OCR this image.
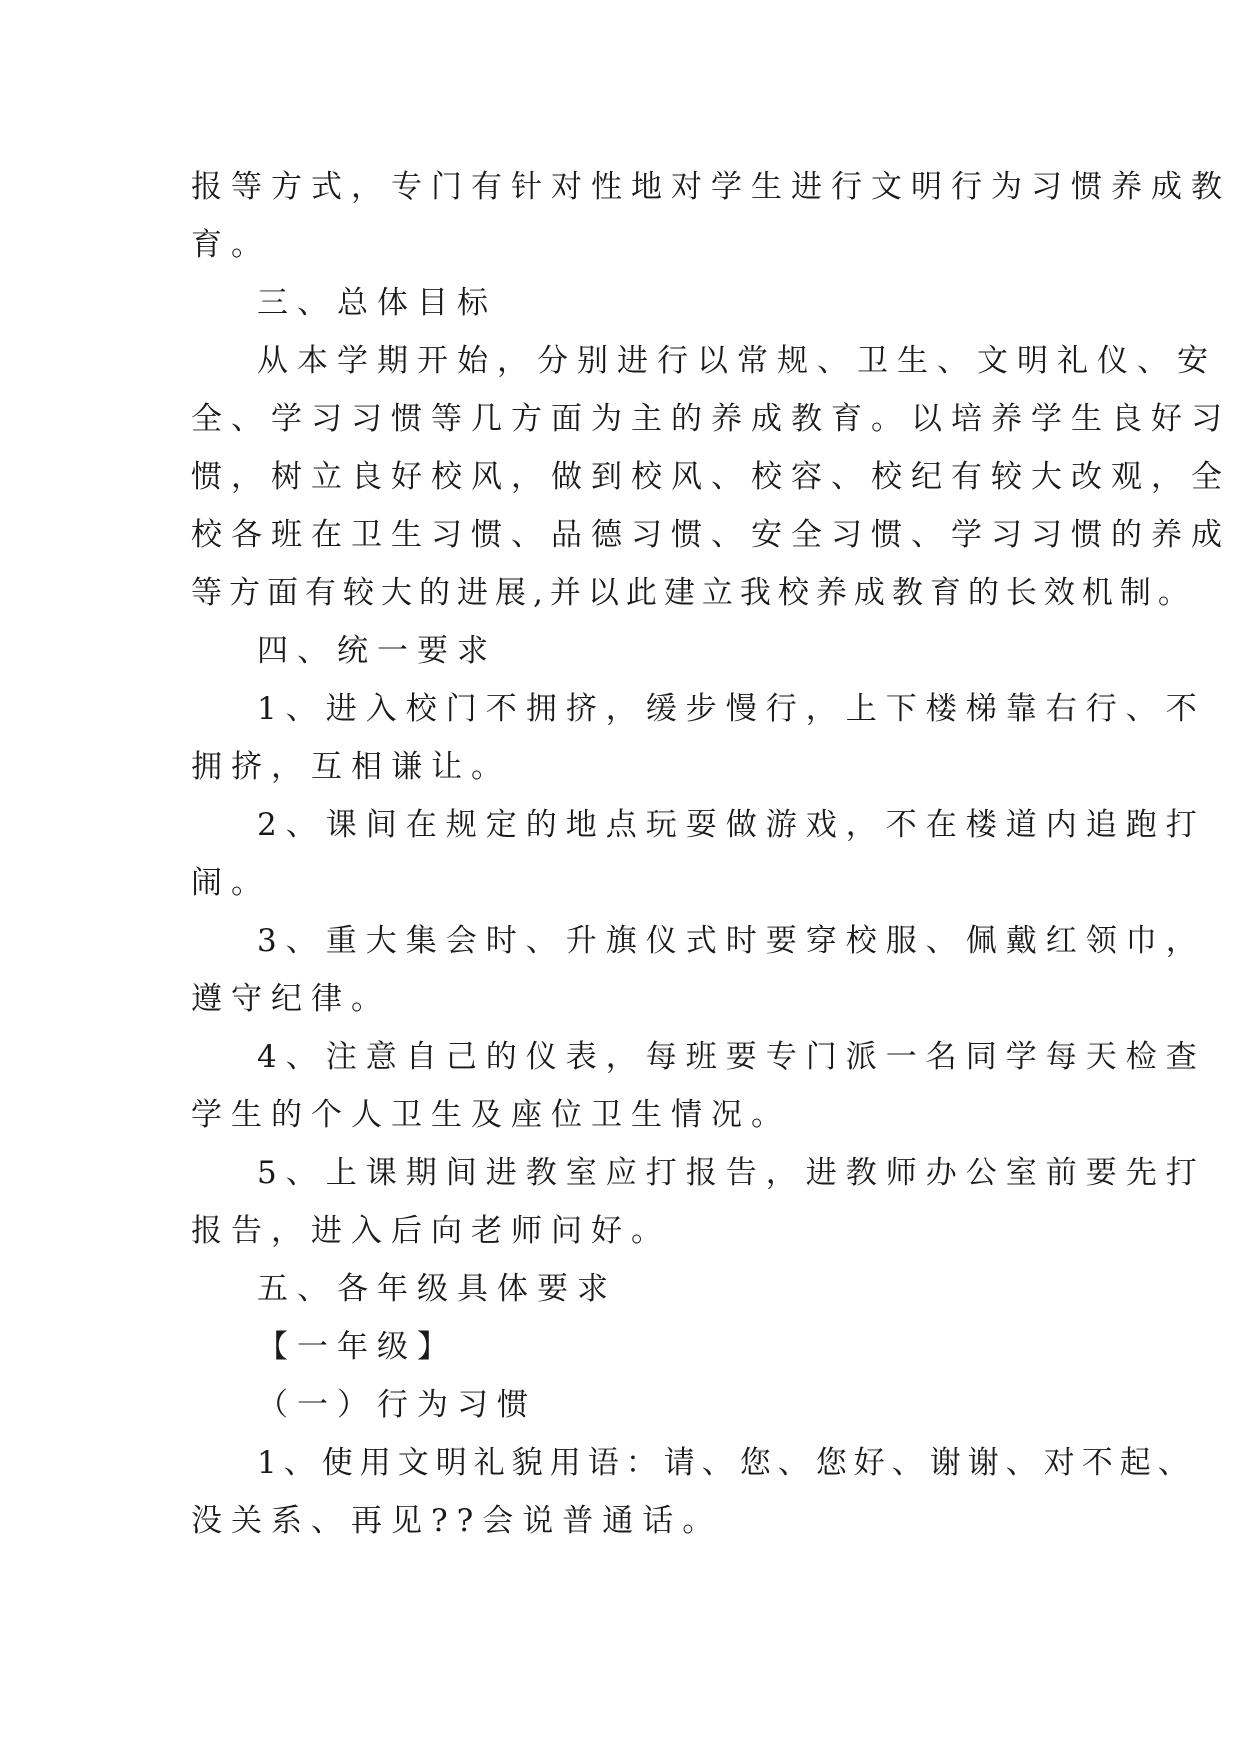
报等方式，专门有针对性地对学生进行文明行为习惯养成教

育。

三、总体目标

从本学期开始，分别进行以常规、卫生、文明礼仪、安

全、学习习惯等几方面为主的养成教育。以培养学生良好习

惯，树立良好校风，做到校风、校容、校纪有较大改观，全

校各班在卫生习惯、品德习惯、安全习惯、学习习惯的养成

等方面有较大的进展,并以此建立我校养成教育的长效机制。

四、统一要求

1、进入校门不拥挤，缓步慢行，上下楼梯靠右行、不

拥挤，互相谦让。

2、课间在规定的地点玩耍做游戏，不在楼道内追跑打

闹。

3、重大集会时、升旗仪式时要穿校服、佩戴红领巾，

遵守纪律。

4、注意自己的仪表，每班要专门派一名同学每天检查

学生的个人卫生及座位卫生情况。

5、上课期间进教室应打报告，进教师办公室前要先打

报告，进入后向老师问好。

五、各年级具体要求

【一年级】

（一）行为习惯

1、使用文明礼貌用语：请、您、您好、谢谢、对不起、

没关系、再见??会说普通话。
